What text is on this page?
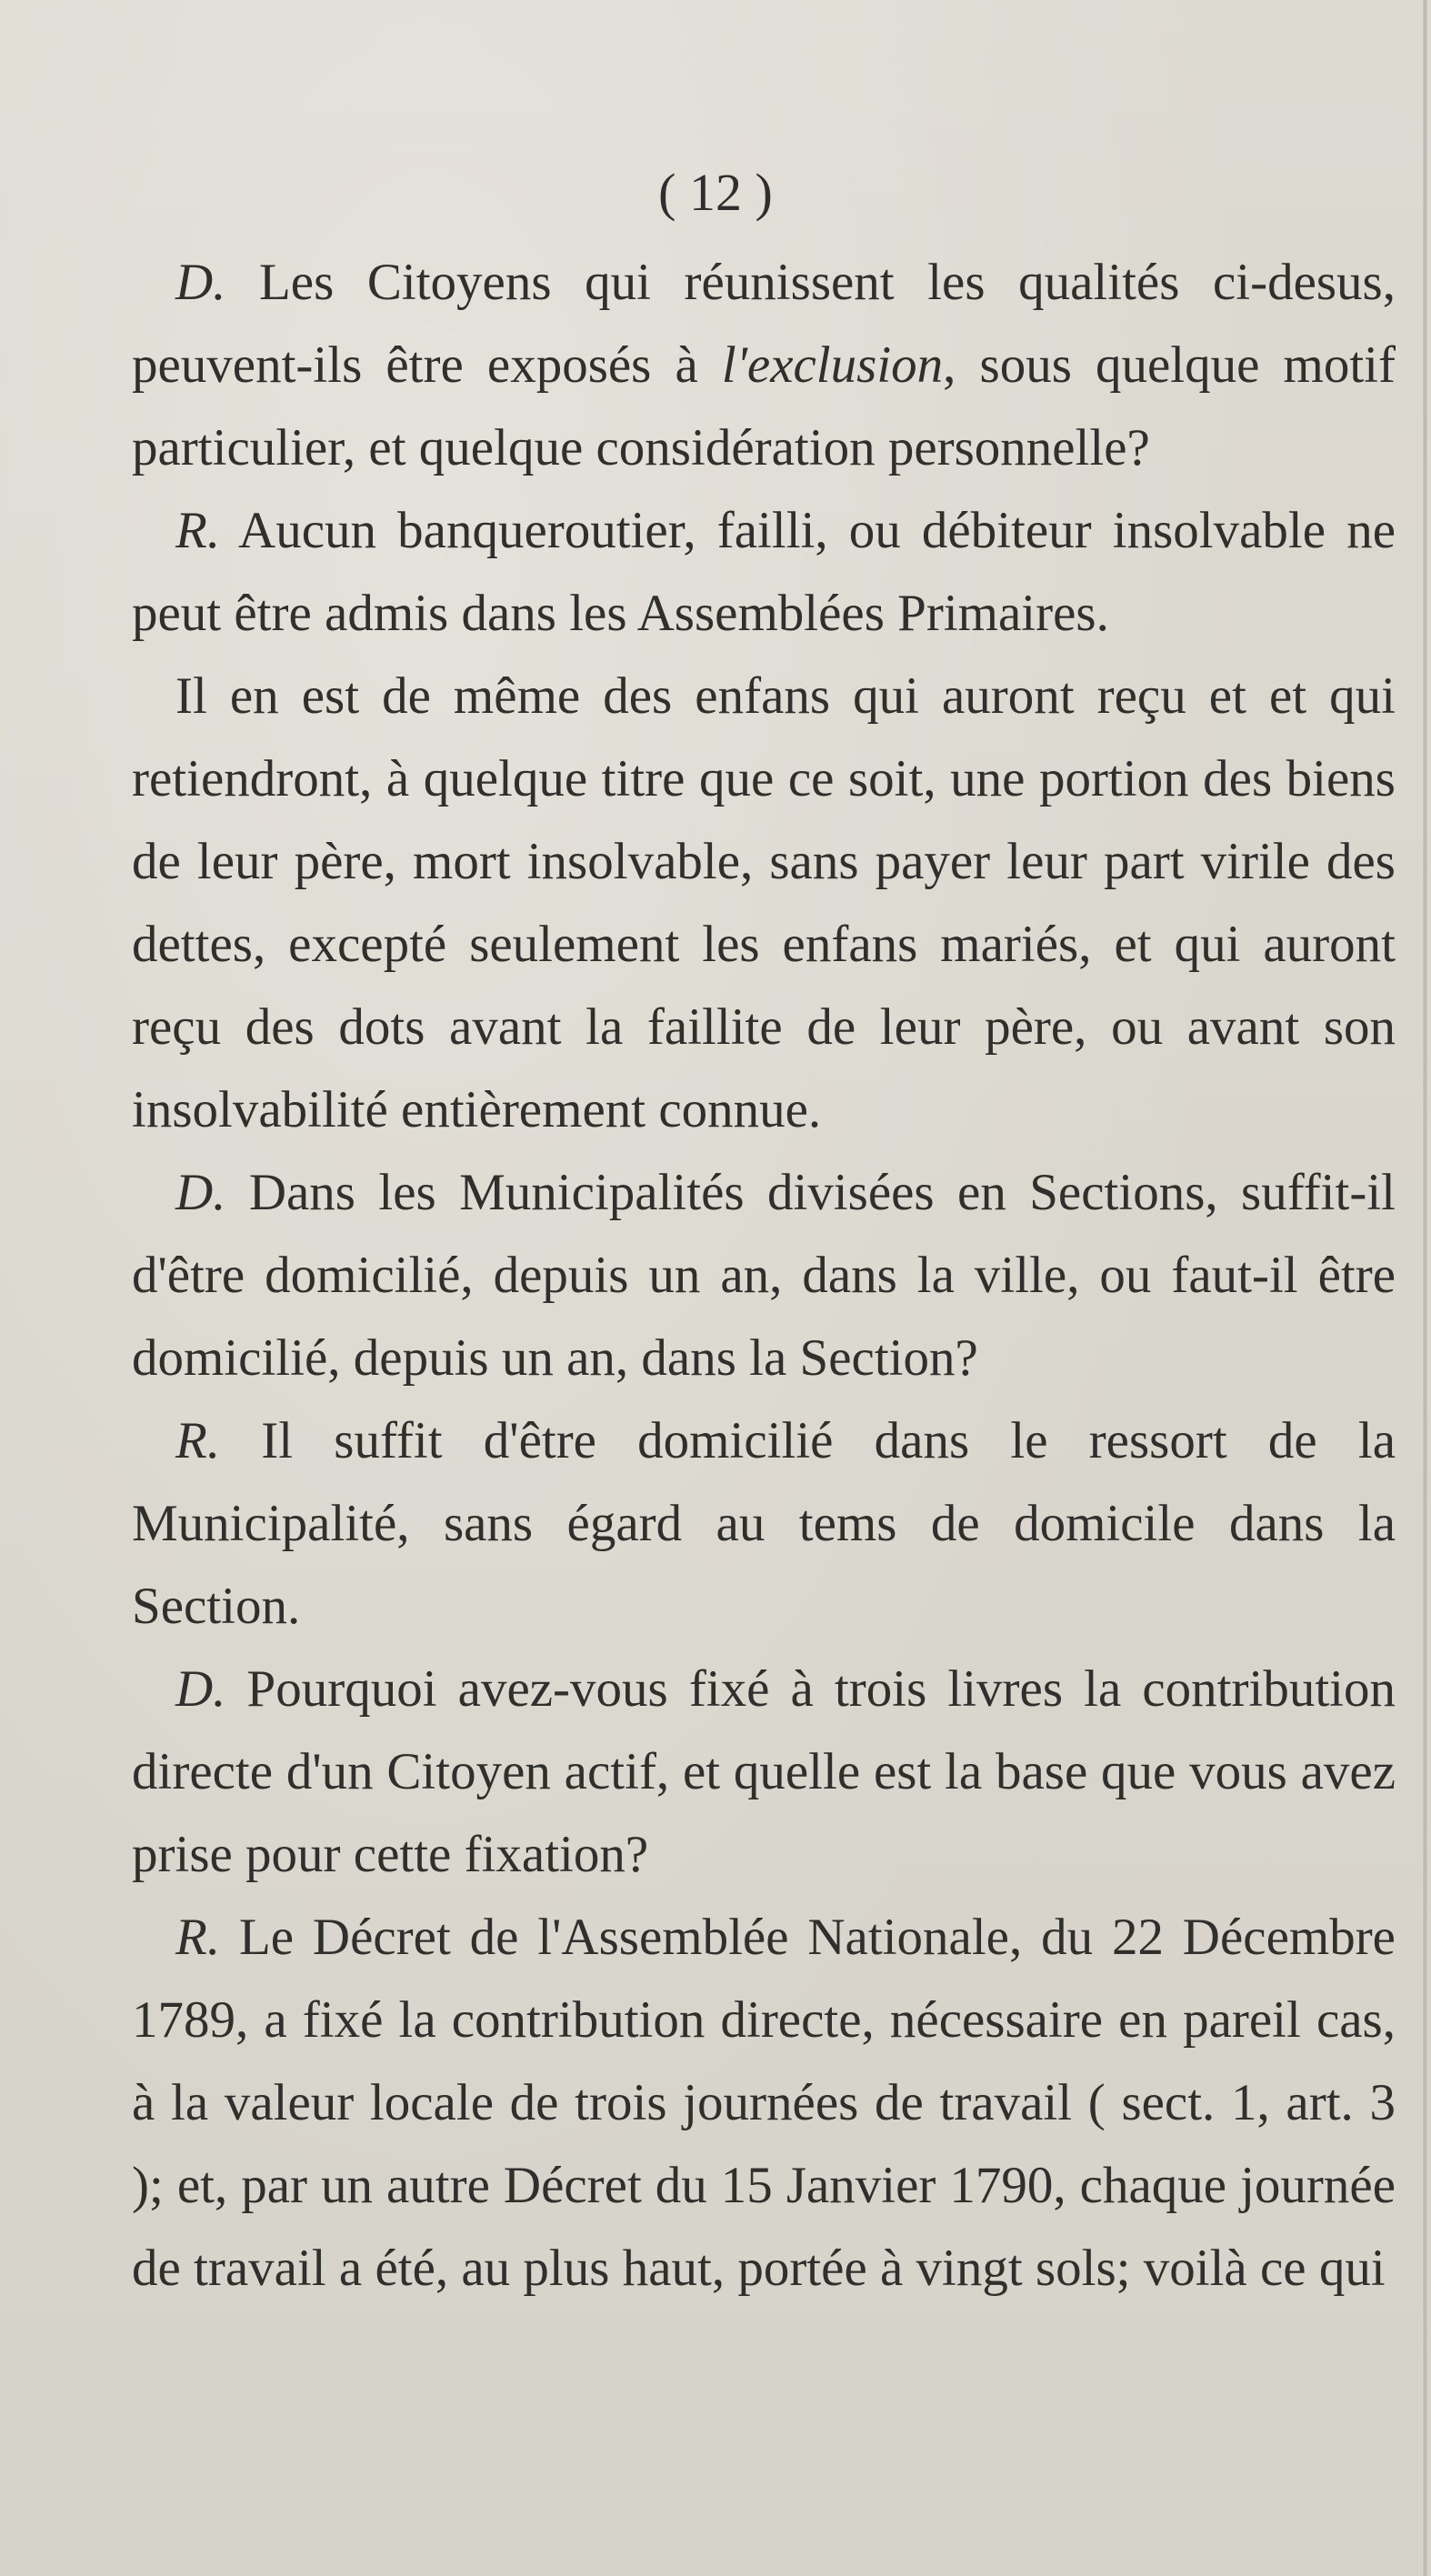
( 12 )

D. Les Citoyens qui réunissent les qualités ci-desus, peuvent-ils être exposés à l'exclusion, sous quelque motif particulier, et quelque considération personnelle?

R. Aucun banqueroutier, failli, ou débiteur insolvable ne peut être admis dans les Assemblées Primaires.

Il en est de même des enfans qui auront reçu et et qui retiendront, à quelque titre que ce soit, une portion des biens de leur père, mort insolvable, sans payer leur part virile des dettes, excepté seulement les enfans mariés, et qui auront reçu des dots avant la faillite de leur père, ou avant son insolvabilité entièrement connue.

D. Dans les Municipalités divisées en Sections, suffit-il d'être domicilié, depuis un an, dans la ville, ou faut-il être domicilié, depuis un an, dans la Section?

R. Il suffit d'être domicilié dans le ressort de la Municipalité, sans égard au tems de domicile dans la Section.

D. Pourquoi avez-vous fixé à trois livres la contribution directe d'un Citoyen actif, et quelle est la base que vous avez prise pour cette fixation?

R. Le Décret de l'Assemblée Nationale, du 22 Décembre 1789, a fixé la contribution directe, nécessaire en pareil cas, à la valeur locale de trois journées de travail ( sect. 1, art. 3 ); et, par un autre Décret du 15 Janvier 1790, chaque journée de travail a été, au plus haut, portée à vingt sols; voilà ce qui
